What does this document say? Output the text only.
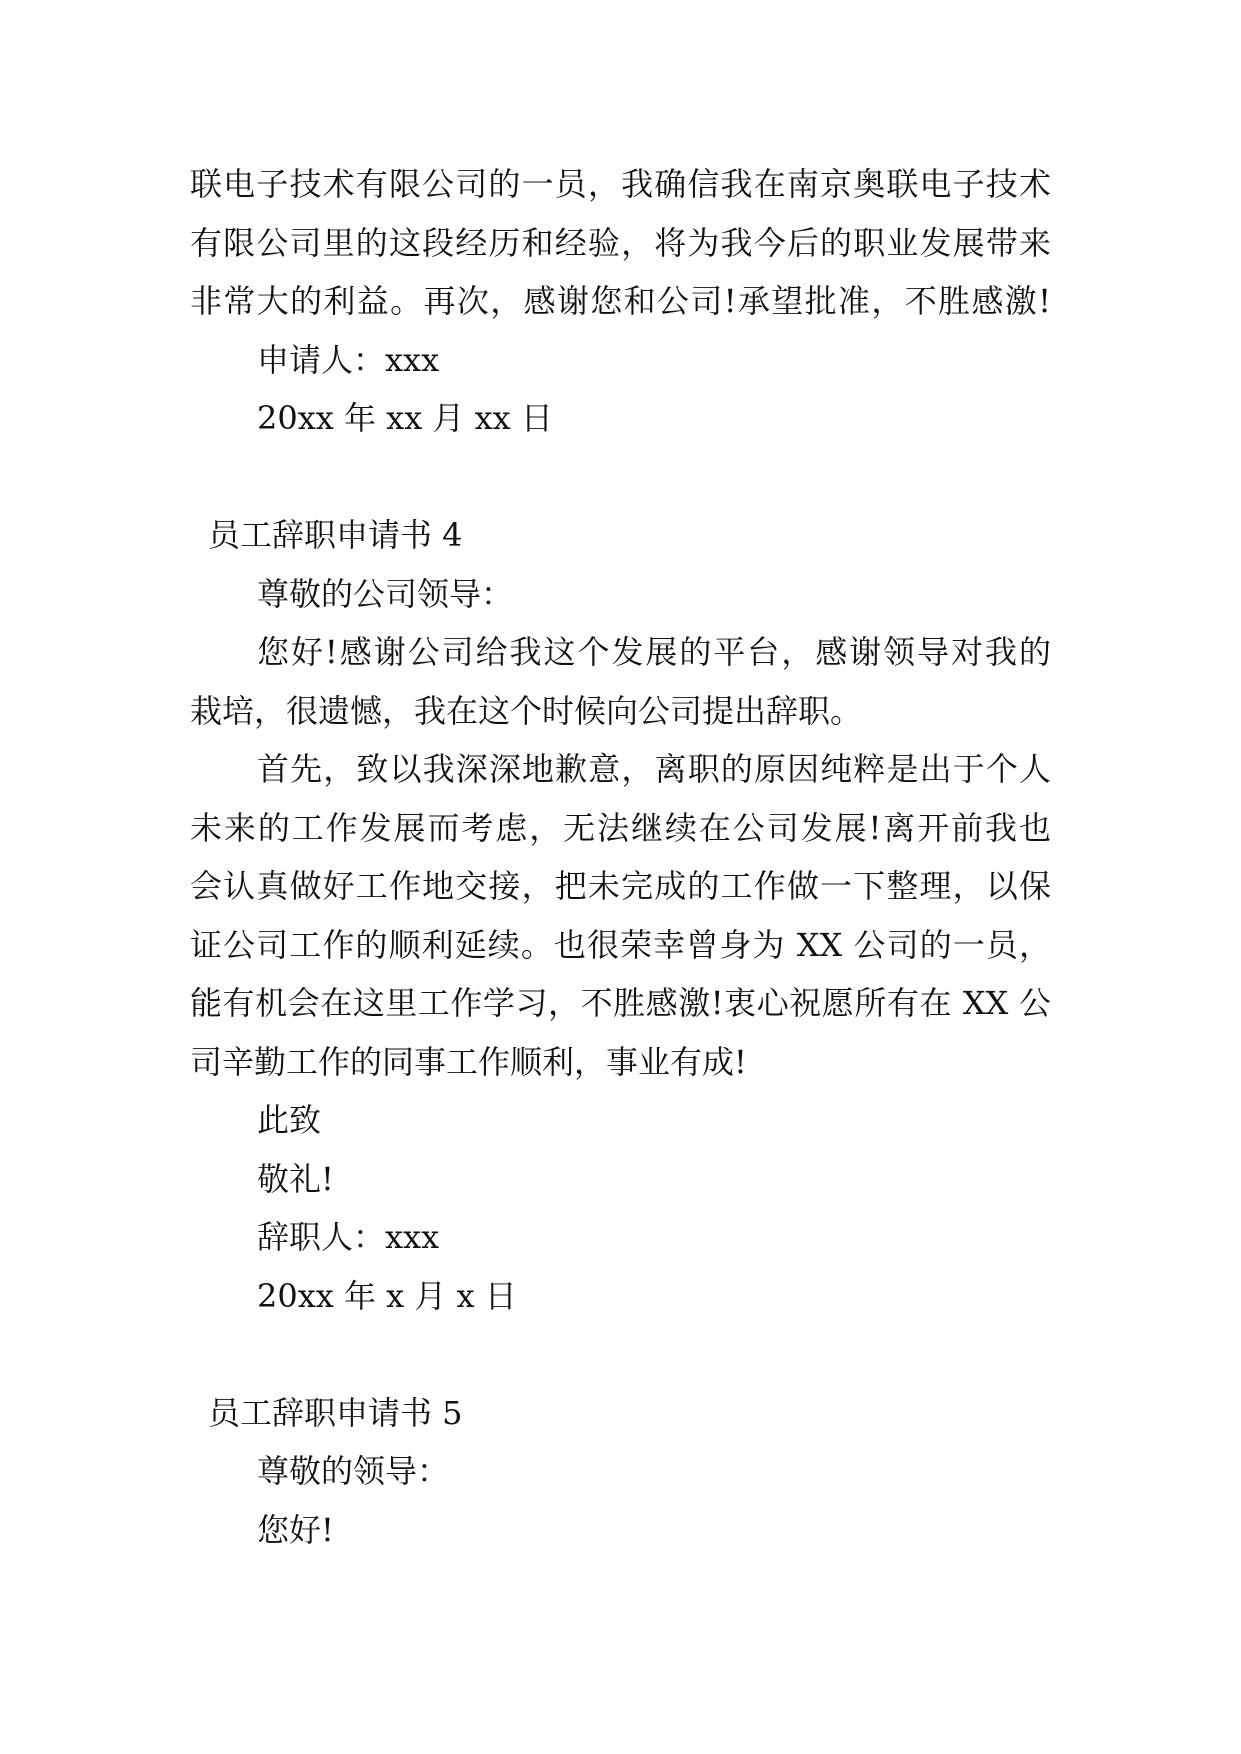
联电子技术有限公司的一员，我确信我在南京奥联电子技术
有限公司里的这段经历和经验，将为我今后的职业发展带来
非常大的利益。再次，感谢您和公司!承望批准，不胜感激!
申请人：xxx
20xx 年 xx 月 xx 日
员工辞职申请书 4
尊敬的公司领导：
您好!感谢公司给我这个发展的平台，感谢领导对我的
栽培，很遗憾，我在这个时候向公司提出辞职。
首先，致以我深深地歉意，离职的原因纯粹是出于个人
未来的工作发展而考虑，无法继续在公司发展!离开前我也
会认真做好工作地交接，把未完成的工作做一下整理，以保
证公司工作的顺利延续。也很荣幸曾身为 XX 公司的一员，
能有机会在这里工作学习，不胜感激!衷心祝愿所有在 XX 公
司辛勤工作的同事工作顺利，事业有成!
此致
敬礼!
辞职人：xxx
20xx 年 x 月 x 日
员工辞职申请书 5
尊敬的领导：
您好!
